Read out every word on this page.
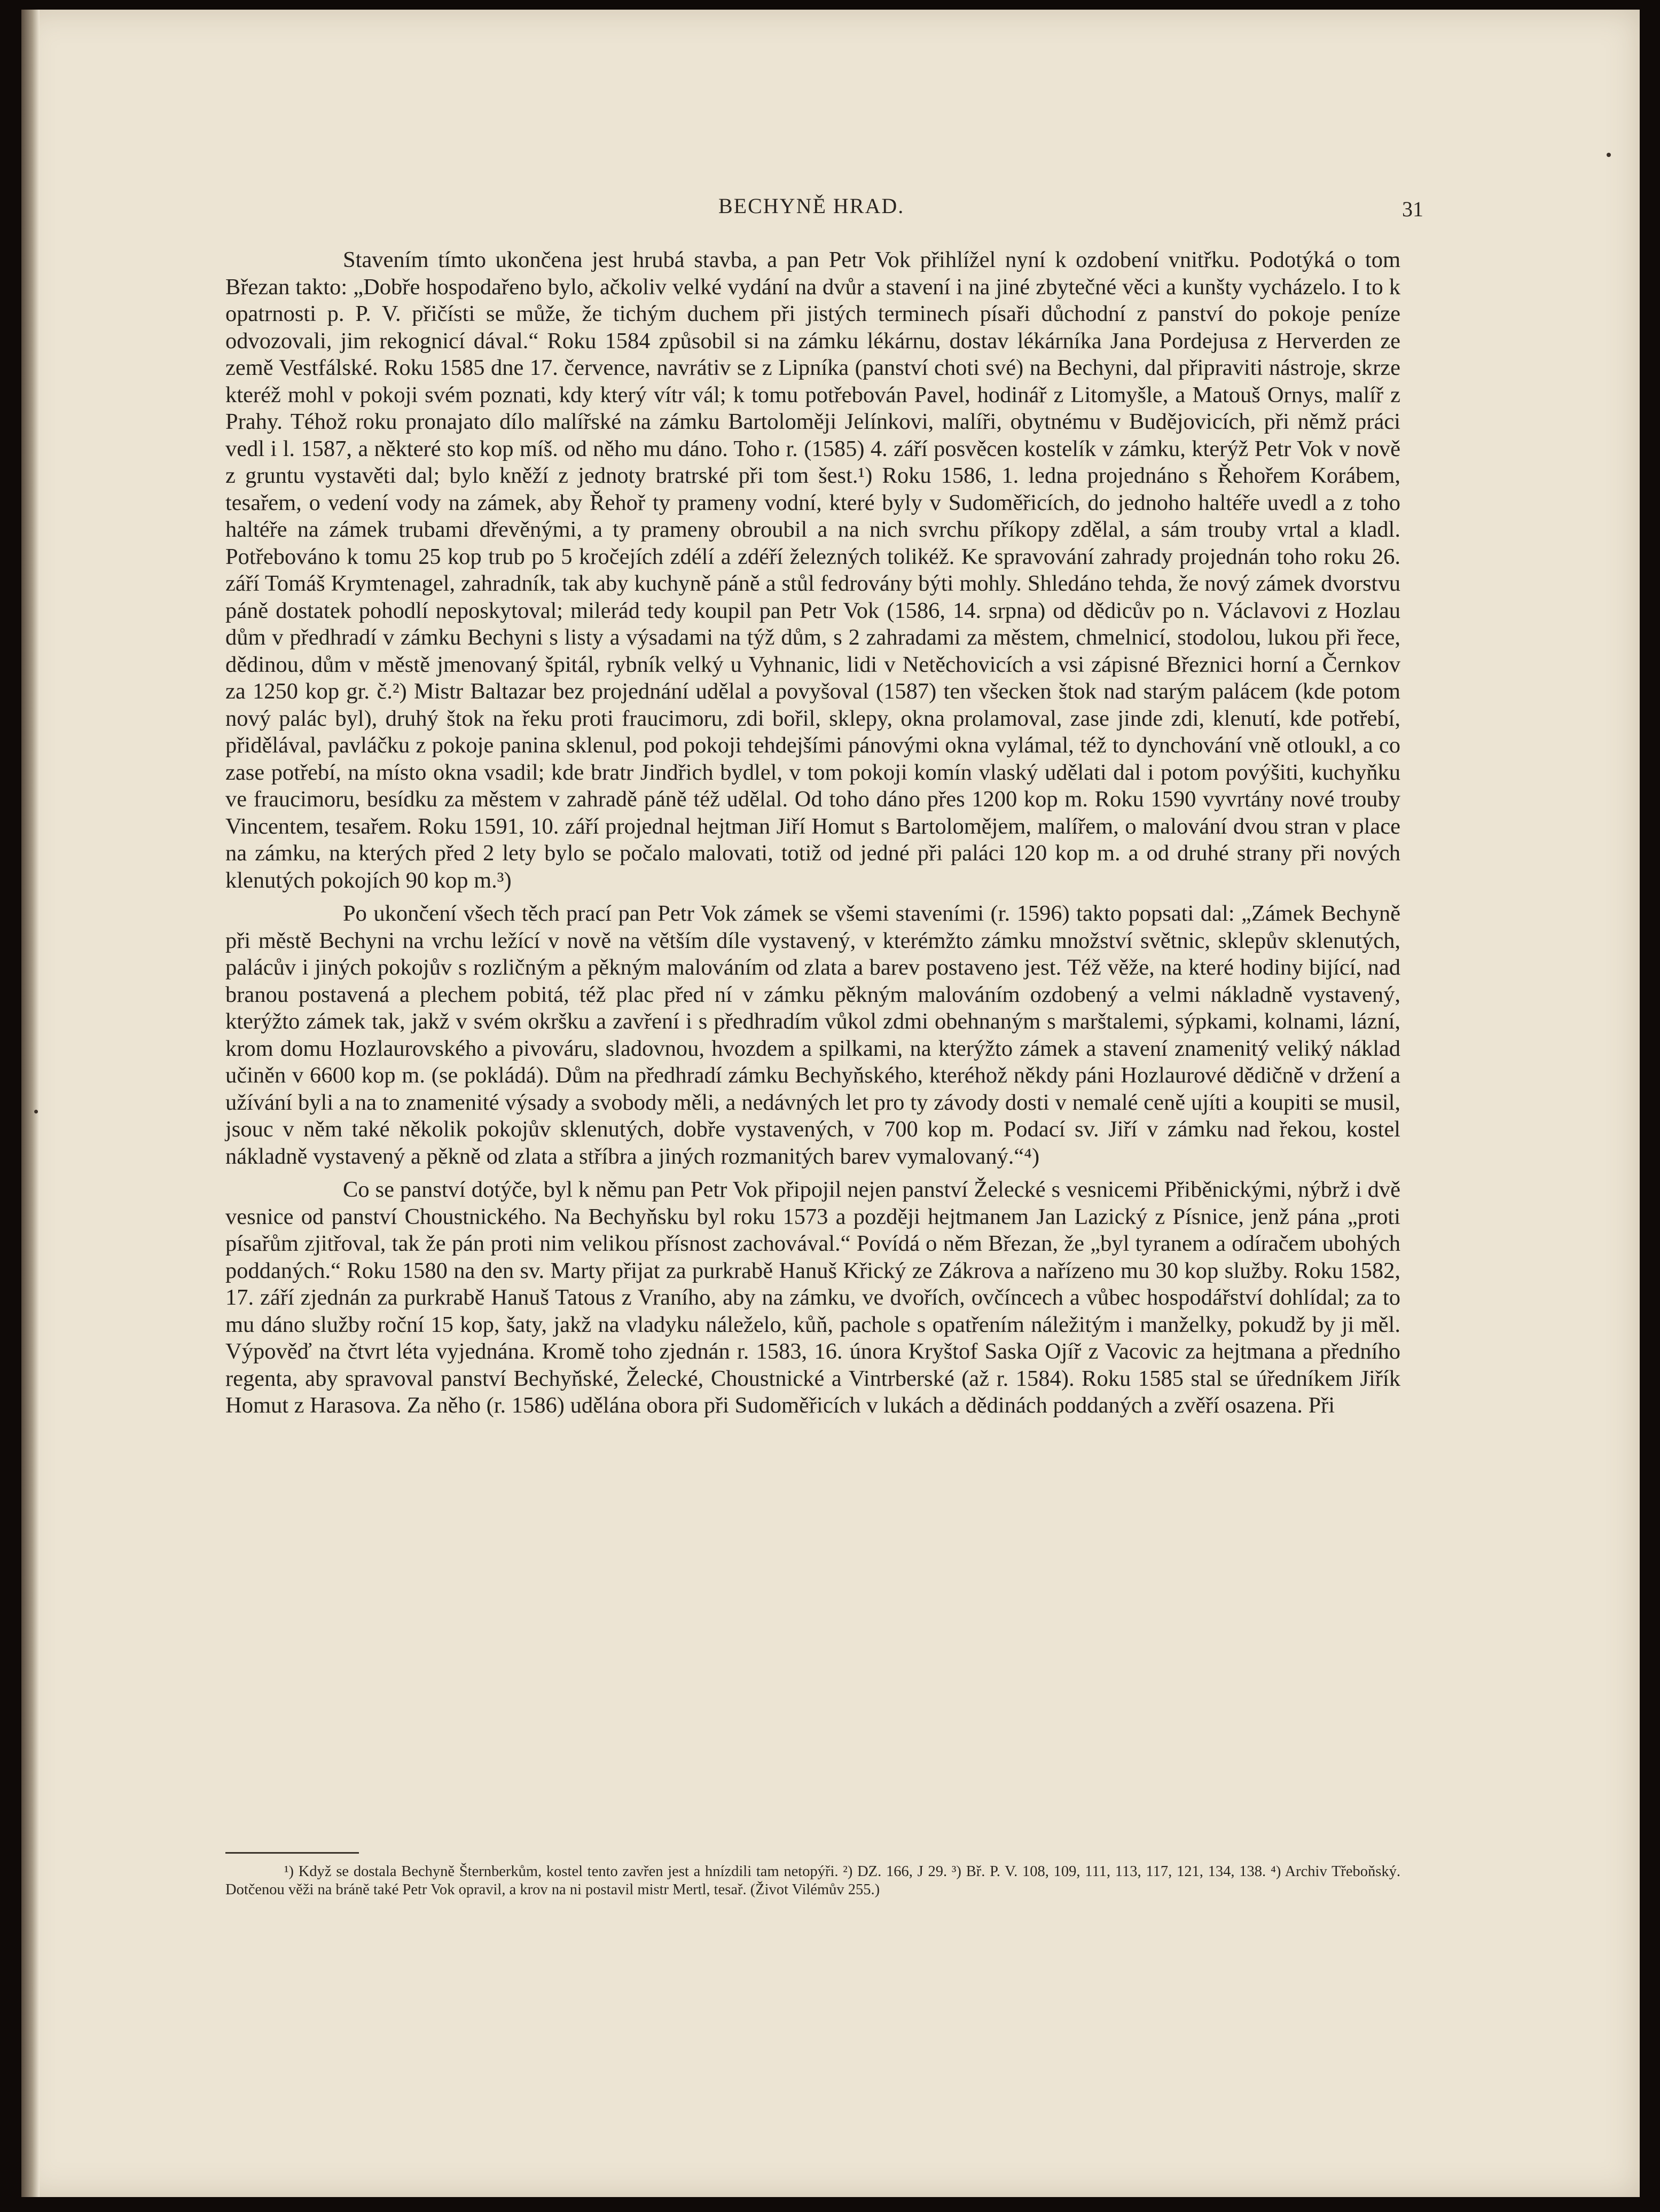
BECHYNĚ HRAD.	31

Stavením tímto ukončena jest hrubá stavba, a pan Petr Vok přihlížel nyní k ozdobení vnitřku. Podotýká o tom Březan takto: „Dobře hospodařeno bylo, ačkoliv velké vydání na dvůr a stavení i na jiné zbytečné věci a kunšty vycházelo. I to k opatrnosti p. P. V. přičísti se může, že tichým duchem při jistých terminech písaři důchodní z panství do pokoje peníze odvozovali, jim rekognicí dával.“ Roku 1584 způsobil si na zámku lékárnu, dostav lékárníka Jana Pordejusa z Herverden ze země Vestfálské. Roku 1585 dne 17. července, navrátiv se z Lipníka (panství choti své) na Bechyni, dal připraviti nástroje, skrze kteréž mohl v pokoji svém poznati, kdy který vítr vál; k tomu potřebován Pavel, hodinář z Litomyšle, a Matouš Ornys, malíř z Prahy. Téhož roku pronajato dílo malířské na zámku Bartoloměji Jelínkovi, malíři, obytnému v Budějovicích, při němž práci vedl i l. 1587, a některé sto kop míš. od něho mu dáno. Toho r. (1585) 4. září posvěcen kostelík v zámku, kterýž Petr Vok v nově z gruntu vystavěti dal; bylo kněží z jednoty bratrské při tom šest.¹) Roku 1586, 1. ledna projednáno s Řehořem Korábem, tesařem, o vedení vody na zámek, aby Řehoř ty prameny vodní, které byly v Sudoměřicích, do jednoho haltéře uvedl a z toho haltéře na zámek trubami dřevěnými, a ty prameny obroubil a na nich svrchu příkopy zdělal, a sám trouby vrtal a kladl. Potřebováno k tomu 25 kop trub po 5 kročejích zdélí a zdéří železných tolikéž. Ke spravování zahrady projednán toho roku 26. září Tomáš Krymtenagel, zahradník, tak aby kuchyně páně a stůl fedrovány býti mohly. Shledáno tehda, že nový zámek dvorstvu páně dostatek pohodlí neposkytoval; milerád tedy koupil pan Petr Vok (1586, 14. srpna) od dědicův po n. Václavovi z Hozlau dům v předhradí v zámku Bechyni s listy a výsadami na týž dům, s 2 zahradami za městem, chmelnicí, stodolou, lukou při řece, dědinou, dům v městě jmenovaný špitál, rybník velký u Vyhnanic, lidi v Netěchovicích a vsi zápisné Březnici horní a Černkov za 1250 kop gr. č.²) Mistr Baltazar bez projednání udělal a povyšoval (1587) ten všecken štok nad starým palácem (kde potom nový palác byl), druhý štok na řeku proti fraucimoru, zdi bořil, sklepy, okna prolamoval, zase jinde zdi, klenutí, kde potřebí, přidělával, pavláčku z pokoje panina sklenul, pod pokoji tehdejšími pánovými okna vylámal, též to dynchování vně otloukl, a co zase potřebí, na místo okna vsadil; kde bratr Jindřich bydlel, v tom pokoji komín vlaský udělati dal i potom povýšiti, kuchyňku ve fraucimoru, besídku za městem v zahradě páně též udělal. Od toho dáno přes 1200 kop m. Roku 1590 vyvrtány nové trouby Vincentem, tesařem. Roku 1591, 10. září projednal hejtman Jiří Homut s Bartolomějem, malířem, o malování dvou stran v place na zámku, na kterých před 2 lety bylo se počalo malovati, totiž od jedné při paláci 120 kop m. a od druhé strany při nových klenutých pokojích 90 kop m.³)

Po ukončení všech těch prací pan Petr Vok zámek se všemi staveními (r. 1596) takto popsati dal: „Zámek Bechyně při městě Bechyni na vrchu ležící v nově na větším díle vystavený, v kterémžto zámku množství světnic, sklepův sklenutých, palácův i jiných pokojův s rozličným a pěkným malováním od zlata a barev postaveno jest. Též věže, na které hodiny bijící, nad branou postavená a plechem pobitá, též plac před ní v zámku pěkným malováním ozdobený a velmi nákladně vystavený, kterýžto zámek tak, jakž v svém okršku a zavření i s předhradím vůkol zdmi obehnaným s marštalemi, sýpkami, kolnami, lázní, krom domu Hozlaurovského a pivováru, sladovnou, hvozdem a spilkami, na kterýžto zámek a stavení znamenitý veliký náklad učiněn v 6600 kop m. (se pokládá). Dům na předhradí zámku Bechyňského, kteréhož někdy páni Hozlaurové dědičně v držení a užívání byli a na to znamenité výsady a svobody měli, a nedávných let pro ty závody dosti v nemalé ceně ujíti a koupiti se musil, jsouc v něm také několik pokojův sklenutých, dobře vystavených, v 700 kop m. Podací sv. Jiří v zámku nad řekou, kostel nákladně vystavený a pěkně od zlata a stříbra a jiných rozmanitých barev vymalovaný.“⁴)

Co se panství dotýče, byl k němu pan Petr Vok připojil nejen panství Želecké s vesnicemi Přiběnickými, nýbrž i dvě vesnice od panství Choustnického. Na Bechyňsku byl roku 1573 a později hejtmanem Jan Lazický z Písnice, jenž pána „proti písařům zjitřoval, tak že pán proti nim velikou přísnost zachovával.“ Povídá o něm Březan, že „byl tyranem a odíračem ubohých poddaných.“ Roku 1580 na den sv. Marty přijat za purkrabě Hanuš Křický ze Zákrova a nařízeno mu 30 kop služby. Roku 1582, 17. září zjednán za purkrabě Hanuš Tatous z Vraního, aby na zámku, ve dvořích, ovčíncech a vůbec hospodářství dohlídal; za to mu dáno služby roční 15 kop, šaty, jakž na vladyku náleželo, kůň, pachole s opatřením náležitým i manželky, pokudž by ji měl. Výpověď na čtvrt léta vyjednána. Kromě toho zjednán r. 1583, 16. února Kryštof Saska Ojíř z Vacovic za hejtmana a předního regenta, aby spravoval panství Bechyňské, Želecké, Choustnické a Vintrberské (až r. 1584). Roku 1585 stal se úředníkem Jiřík Homut z Harasova. Za něho (r. 1586) udělána obora při Sudoměřicích v lukách a dědinách poddaných a zvěří osazena. Při

¹) Když se dostala Bechyně Šternberkům, kostel tento zavřen jest a hnízdili tam netopýři. ²) DZ. 166, J 29. ³) Bř. P. V. 108, 109, 111, 113, 117, 121, 134, 138. ⁴) Archiv Třeboňský. Dotčenou věži na bráně také Petr Vok opravil, a krov na ni postavil mistr Mertl, tesař. (Život Vilémův 255.)
